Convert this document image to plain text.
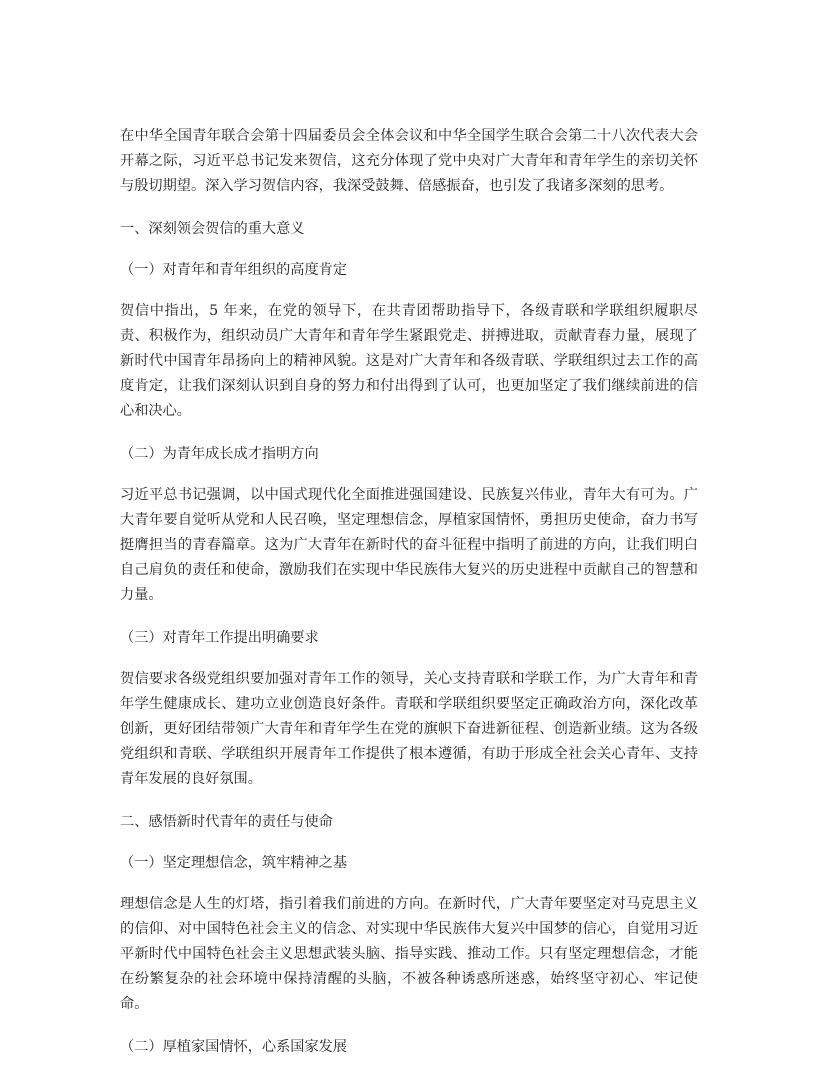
在中华全国青年联合会第十四届委员会全体会议和中华全国学生联合会第二十八次代表大会开幕之际，习近平总书记发来贺信，这充分体现了党中央对广大青年和青年学生的亲切关怀与殷切期望。深入学习贺信内容，我深受鼓舞、倍感振奋，也引发了我诸多深刻的思考。

一、深刻领会贺信的重大意义

（一）对青年和青年组织的高度肯定

贺信中指出，5 年来，在党的领导下，在共青团帮助指导下，各级青联和学联组织履职尽责、积极作为，组织动员广大青年和青年学生紧跟党走、拼搏进取，贡献青春力量，展现了新时代中国青年昂扬向上的精神风貌。这是对广大青年和各级青联、学联组织过去工作的高度肯定，让我们深刻认识到自身的努力和付出得到了认可，也更加坚定了我们继续前进的信心和决心。

（二）为青年成长成才指明方向

习近平总书记强调，以中国式现代化全面推进强国建设、民族复兴伟业，青年大有可为。广大青年要自觉听从党和人民召唤，坚定理想信念，厚植家国情怀，勇担历史使命，奋力书写挺膺担当的青春篇章。这为广大青年在新时代的奋斗征程中指明了前进的方向，让我们明白自己肩负的责任和使命，激励我们在实现中华民族伟大复兴的历史进程中贡献自己的智慧和力量。

（三）对青年工作提出明确要求

贺信要求各级党组织要加强对青年工作的领导，关心支持青联和学联工作，为广大青年和青年学生健康成长、建功立业创造良好条件。青联和学联组织要坚定正确政治方向，深化改革创新，更好团结带领广大青年和青年学生在党的旗帜下奋进新征程、创造新业绩。这为各级党组织和青联、学联组织开展青年工作提供了根本遵循，有助于形成全社会关心青年、支持青年发展的良好氛围。

二、感悟新时代青年的责任与使命

（一）坚定理想信念，筑牢精神之基

理想信念是人生的灯塔，指引着我们前进的方向。在新时代，广大青年要坚定对马克思主义的信仰、对中国特色社会主义的信念、对实现中华民族伟大复兴中国梦的信心，自觉用习近平新时代中国特色社会主义思想武装头脑、指导实践、推动工作。只有坚定理想信念，才能在纷繁复杂的社会环境中保持清醒的头脑，不被各种诱惑所迷惑，始终坚守初心、牢记使命。

（二）厚植家国情怀，心系国家发展
